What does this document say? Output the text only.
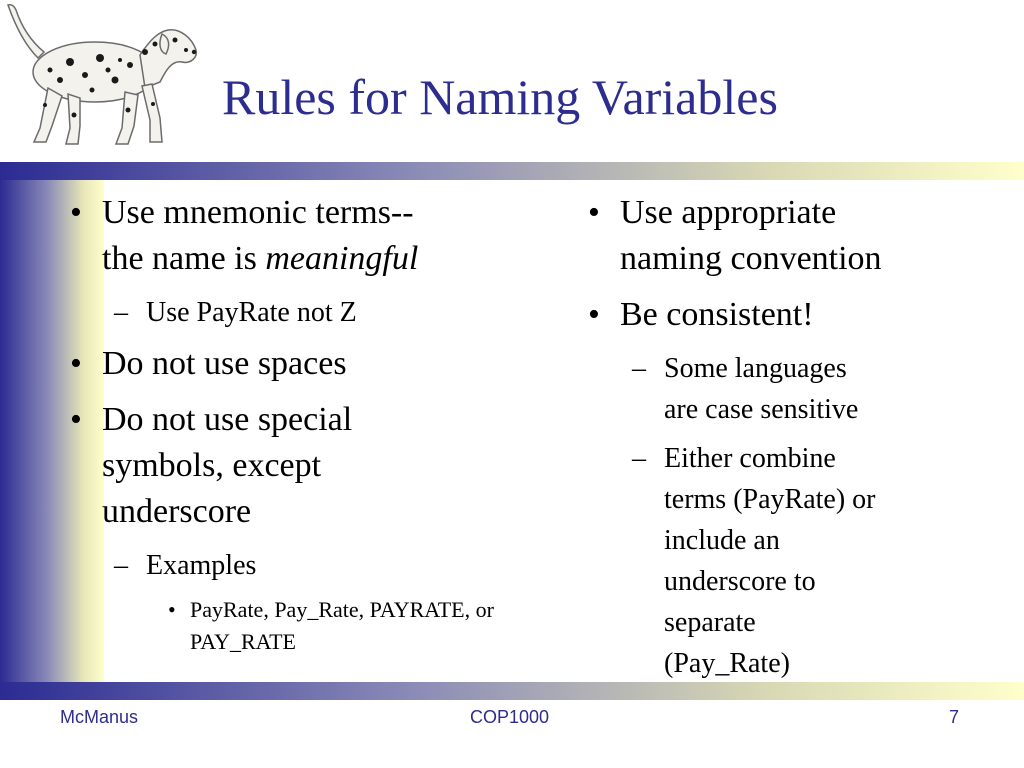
Rules for Naming Variables
• Use mnemonic terms--
the name is meaningful
– Use PayRate not Z
• Do not use spaces
• Do not use special
symbols, except
underscore
– Examples
• PayRate, Pay_Rate, PAYRATE, or
PAY_RATE
• Use appropriate
naming convention
• Be consistent!
– Some languages
are case sensitive
– Either combine
terms (PayRate) or
include an
underscore to
separate
(Pay_Rate)
McManus	COP1000	7
